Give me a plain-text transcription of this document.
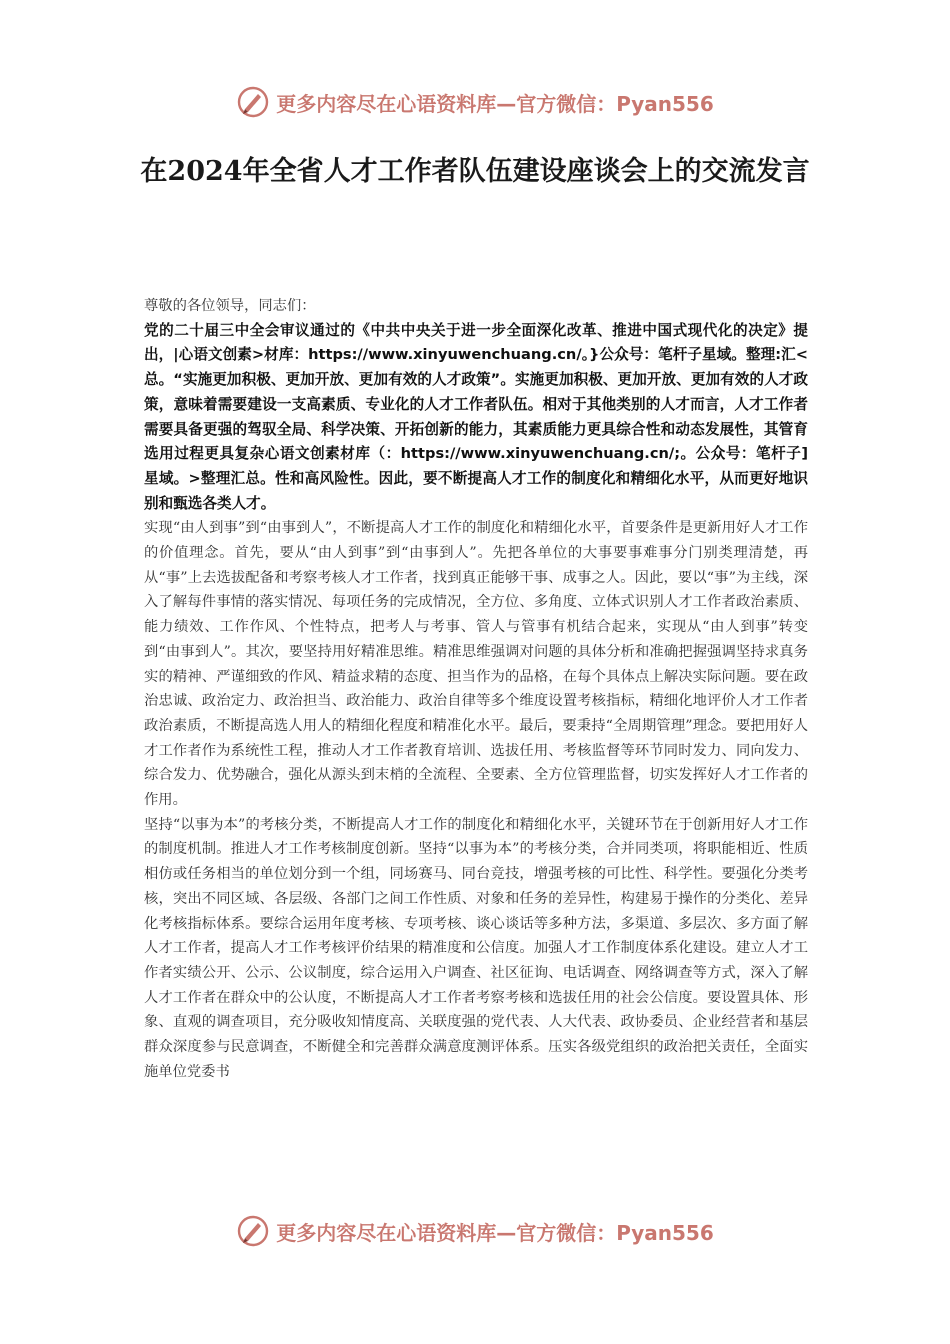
更多内容尽在心语资料库—官方微信：Pyan556
在2024年全省人才工作者队伍建设座谈会上的交流发言

尊敬的各位领导，同志们：

党的二十届三中全会审议通过的《中共中央关于进一步全面深化改革、推进中国式现代化的决定》提出，|心语文创素>材库：https://www.xinyuwenchuang.cn/。}公众号：笔杆子星域。整理:汇<总。“实施更加积极、更加开放、更加有效的人才政策”。实施更加积极、更加开放、更加有效的人才政策，意味着需要建设一支高素质、专业化的人才工作者队伍。相对于其他类别的人才而言，人才工作者需要具备更强的驾驭全局、科学决策、开拓创新的能力，其素质能力更具综合性和动态发展性，其管育选用过程更具复杂心语文创素材库（：https://www.xinyuwenchuang.cn/;。公众号：笔杆子]星域。>整理汇总。性和高风险性。因此，要不断提高人才工作的制度化和精细化水平，从而更好地识别和甄选各类人才。

实现“由人到事”到“由事到人”，不断提高人才工作的制度化和精细化水平，首要条件是更新用好人才工作的价值理念。首先，要从“由人到事”到“由事到人”。先把各单位的大事要事难事分门别类理清楚，再从“事”上去选拔配备和考察考核人才工作者，找到真正能够干事、成事之人。因此，要以“事”为主线，深入了解每件事情的落实情况、每项任务的完成情况，全方位、多角度、立体式识别人才工作者政治素质、能力绩效、工作作风、个性特点，把考人与考事、管人与管事有机结合起来，实现从“由人到事”转变到“由事到人”。其次，要坚持用好精准思维。精准思维强调对问题的具体分析和准确把握强调坚持求真务实的精神、严谨细致的作风、精益求精的态度、担当作为的品格，在每个具体点上解决实际问题。要在政治忠诚、政治定力、政治担当、政治能力、政治自律等多个维度设置考核指标，精细化地评价人才工作者政治素质，不断提高选人用人的精细化程度和精准化水平。最后，要秉持“全周期管理”理念。要把用好人才工作者作为系统性工程，推动人才工作者教育培训、选拔任用、考核监督等环节同时发力、同向发力、综合发力、优势融合，强化从源头到末梢的全流程、全要素、全方位管理监督，切实发挥好人才工作者的作用。

坚持“以事为本”的考核分类，不断提高人才工作的制度化和精细化水平，关键环节在于创新用好人才工作的制度机制。推进人才工作考核制度创新。坚持“以事为本”的考核分类，合并同类项，将职能相近、性质相仿或任务相当的单位划分到一个组，同场赛马、同台竞技，增强考核的可比性、科学性。要强化分类考核，突出不同区域、各层级、各部门之间工作性质、对象和任务的差异性，构建易于操作的分类化、差异化考核指标体系。要综合运用年度考核、专项考核、谈心谈话等多种方法，多渠道、多层次、多方面了解人才工作者，提高人才工作考核评价结果的精准度和公信度。加强人才工作制度体系化建设。建立人才工作者实绩公开、公示、公议制度，综合运用入户调查、社区征询、电话调查、网络调查等方式，深入了解人才工作者在群众中的公认度，不断提高人才工作者考察考核和选拔任用的社会公信度。要设置具体、形象、直观的调查项目，充分吸收知情度高、关联度强的党代表、人大代表、政协委员、企业经营者和基层群众深度参与民意调查，不断健全和完善群众满意度测评体系。压实各级党组织的政治把关责任，全面实施单位党委书

更多内容尽在心语资料库—官方微信：Pyan556
